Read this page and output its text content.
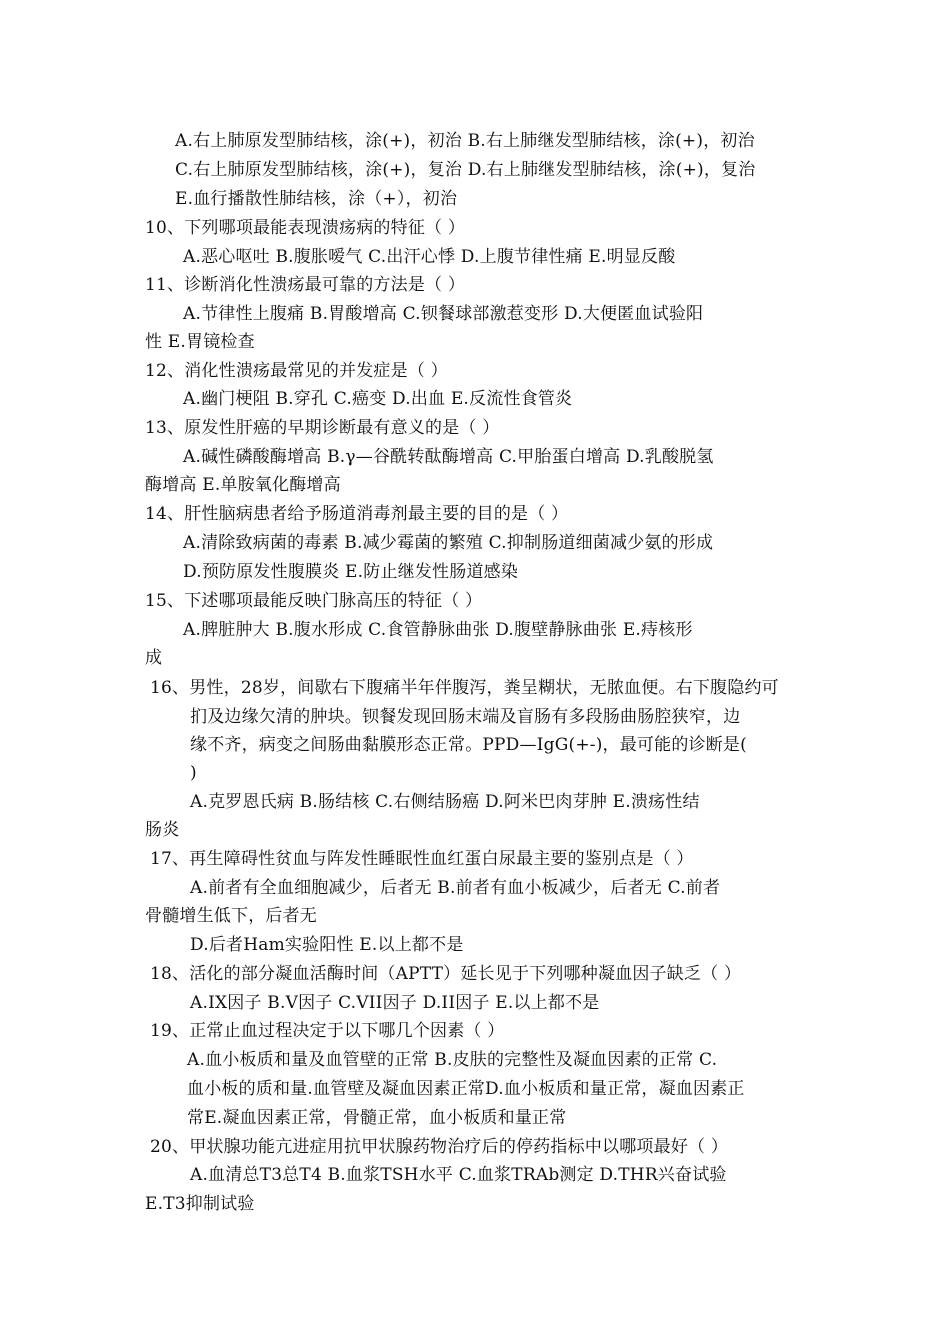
A.右上肺原发型肺结核，涂(+)，初治 B.右上肺继发型肺结核，涂(+)，初治
C.右上肺原发型肺结核，涂(+)，复治 D.右上肺继发型肺结核，涂(+)，复治
E.血行播散性肺结核，涂（+），初治
10、下列哪项最能表现溃疡病的特征（ ）
A.恶心呕吐 B.腹胀嗳气 C.出汗心悸 D.上腹节律性痛 E.明显反酸
11、诊断消化性溃疡最可靠的方法是（ ）
A.节律性上腹痛 B.胃酸增高 C.钡餐球部激惹变形 D.大便匿血试验阳
性 E.胃镜检查
12、消化性溃疡最常见的并发症是（ ）
A.幽门梗阻 B.穿孔 C.癌变 D.出血 E.反流性食管炎
13、原发性肝癌的早期诊断最有意义的是（ ）
A.碱性磷酸酶增高 B.γ—谷酰转酞酶增高 C.甲胎蛋白增高 D.乳酸脱氢
酶增高 E.单胺氧化酶增高
14、肝性脑病患者给予肠道消毒剂最主要的目的是（ ）
A.清除致病菌的毒素 B.减少霉菌的繁殖 C.抑制肠道细菌减少氨的形成
D.预防原发性腹膜炎 E.防止继发性肠道感染
15、下述哪项最能反映门脉高压的特征（ ）
A.脾脏肿大 B.腹水形成 C.食管静脉曲张 D.腹壁静脉曲张 E.痔核形
成
16、男性，28岁，间歇右下腹痛半年伴腹泻，粪呈糊状，无脓血便。右下腹隐约可
扪及边缘欠清的肿块。钡餐发现回肠末端及盲肠有多段肠曲肠腔狭窄，边
缘不齐，病变之间肠曲黏膜形态正常。PPD—IgG(+-)，最可能的诊断是(
)
A.克罗恩氏病 B.肠结核 C.右侧结肠癌 D.阿米巴肉芽肿 E.溃疡性结
肠炎
17、再生障碍性贫血与阵发性睡眠性血红蛋白尿最主要的鉴别点是（ ）
A.前者有全血细胞减少，后者无 B.前者有血小板减少，后者无 C.前者
骨髓增生低下，后者无
D.后者Ham实验阳性 E.以上都不是
18、活化的部分凝血活酶时间（APTT）延长见于下列哪种凝血因子缺乏（ ）
A.IX因子 B.V因子 C.VII因子 D.II因子 E.以上都不是
19、正常止血过程决定于以下哪几个因素（ ）
A.血小板质和量及血管壁的正常 B.皮肤的完整性及凝血因素的正常 C.
血小板的质和量.血管壁及凝血因素正常D.血小板质和量正常，凝血因素正
常E.凝血因素正常，骨髓正常，血小板质和量正常
20、甲状腺功能亢进症用抗甲状腺药物治疗后的停药指标中以哪项最好（ ）
A.血清总T3总T4 B.血浆TSH水平 C.血浆TRAb测定 D.THR兴奋试验
E.T3抑制试验
